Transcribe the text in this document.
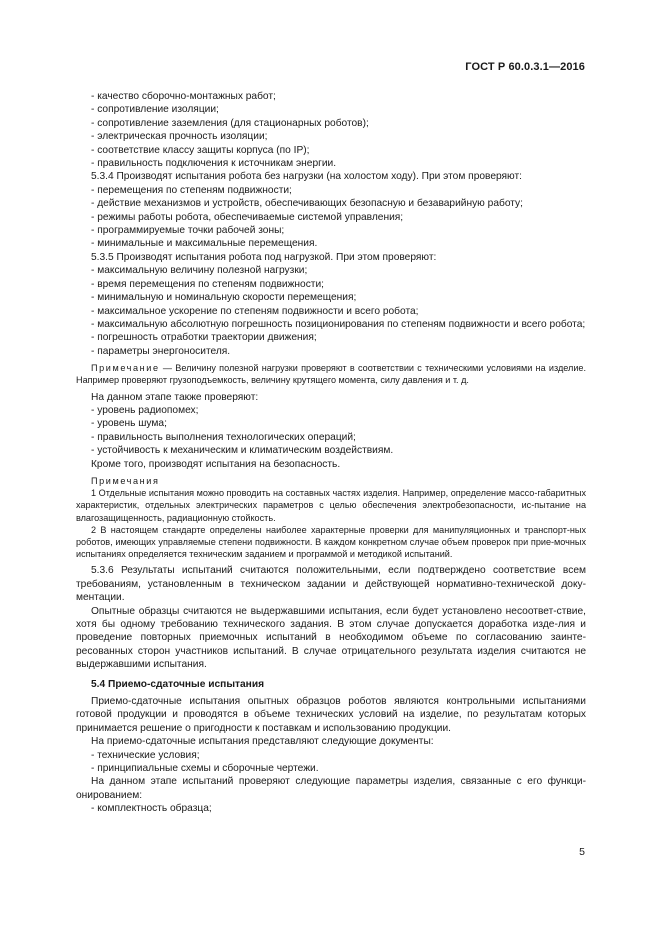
ГОСТ Р 60.0.3.1—2016

- качество сборочно-монтажных работ;

- сопротивление изоляции;

- сопротивление заземления (для стационарных роботов);

- электрическая прочность изоляции;

- соответствие классу защиты корпуса (по IP);

- правильность подключения к источникам энергии.

5.3.4 Производят испытания робота без нагрузки (на холостом ходу). При этом проверяют:

- перемещения по степеням подвижности;

- действие механизмов и устройств, обеспечивающих безопасную и безаварийную работу;

- режимы работы робота, обеспечиваемые системой управления;

- программируемые точки рабочей зоны;

- минимальные и максимальные перемещения.

5.3.5 Производят испытания робота под нагрузкой. При этом проверяют:

- максимальную величину полезной нагрузки;

- время перемещения по степеням подвижности;

- минимальную и номинальную скорости перемещения;

- максимальное ускорение по степеням подвижности и всего робота;

- максимальную абсолютную погрешность позиционирования по степеням подвижности и всего робота;

- погрешность отработки траектории движения;

- параметры энергоносителя.

Примечание — Величину полезной нагрузки проверяют в соответствии с техническими условиями на изделие. Например проверяют грузоподъемкость, величину крутящего момента, силу давления и т. д.

На данном этапе также проверяют:

- уровень радиопомех;

- уровень шума;

- правильность выполнения технологических операций;

- устойчивость к механическим и климатическим воздействиям.

Кроме того, производят испытания на безопасность.

Примечания

1 Отдельные испытания можно проводить на составных частях изделия. Например, определение массо-габаритных характеристик, отдельных электрических параметров с целью обеспечения электробезопасности, ис-пытание на влагозащищенность, радиационную стойкость.

2 В настоящем стандарте определены наиболее характерные проверки для манипуляционных и транспорт-ных роботов, имеющих управляемые степени подвижности. В каждом конкретном случае объем проверок при прие-мочных испытаниях определяется техническим заданием и программой и методикой испытаний.

5.3.6 Результаты испытаний считаются положительными, если подтверждено соответствие всем требованиям, установленным в техническом задании и действующей нормативно-технической доку-ментации.

Опытные образцы считаются не выдержавшими испытания, если будет установлено несоответ-ствие, хотя бы одному требованию технического задания. В этом случае допускается доработка изде-лия и проведение повторных приемочных испытаний в необходимом объеме по согласованию заинте-ресованных сторон участников испытаний. В случае отрицательного результата изделия считаются не выдержавшими испытания.

5.4 Приемо-сдаточные испытания

Приемо-сдаточные испытания опытных образцов роботов являются контрольными испытаниями готовой продукции и проводятся в объеме технических условий на изделие, по результатам которых принимается решение о пригодности к поставкам и использованию продукции.

На приемо-сдаточные испытания представляют следующие документы:

- технические условия;

- принципиальные схемы и сборочные чертежи.

На данном этапе испытаний проверяют следующие параметры изделия, связанные с его функци-онированием:

- комплектность образца;

5
